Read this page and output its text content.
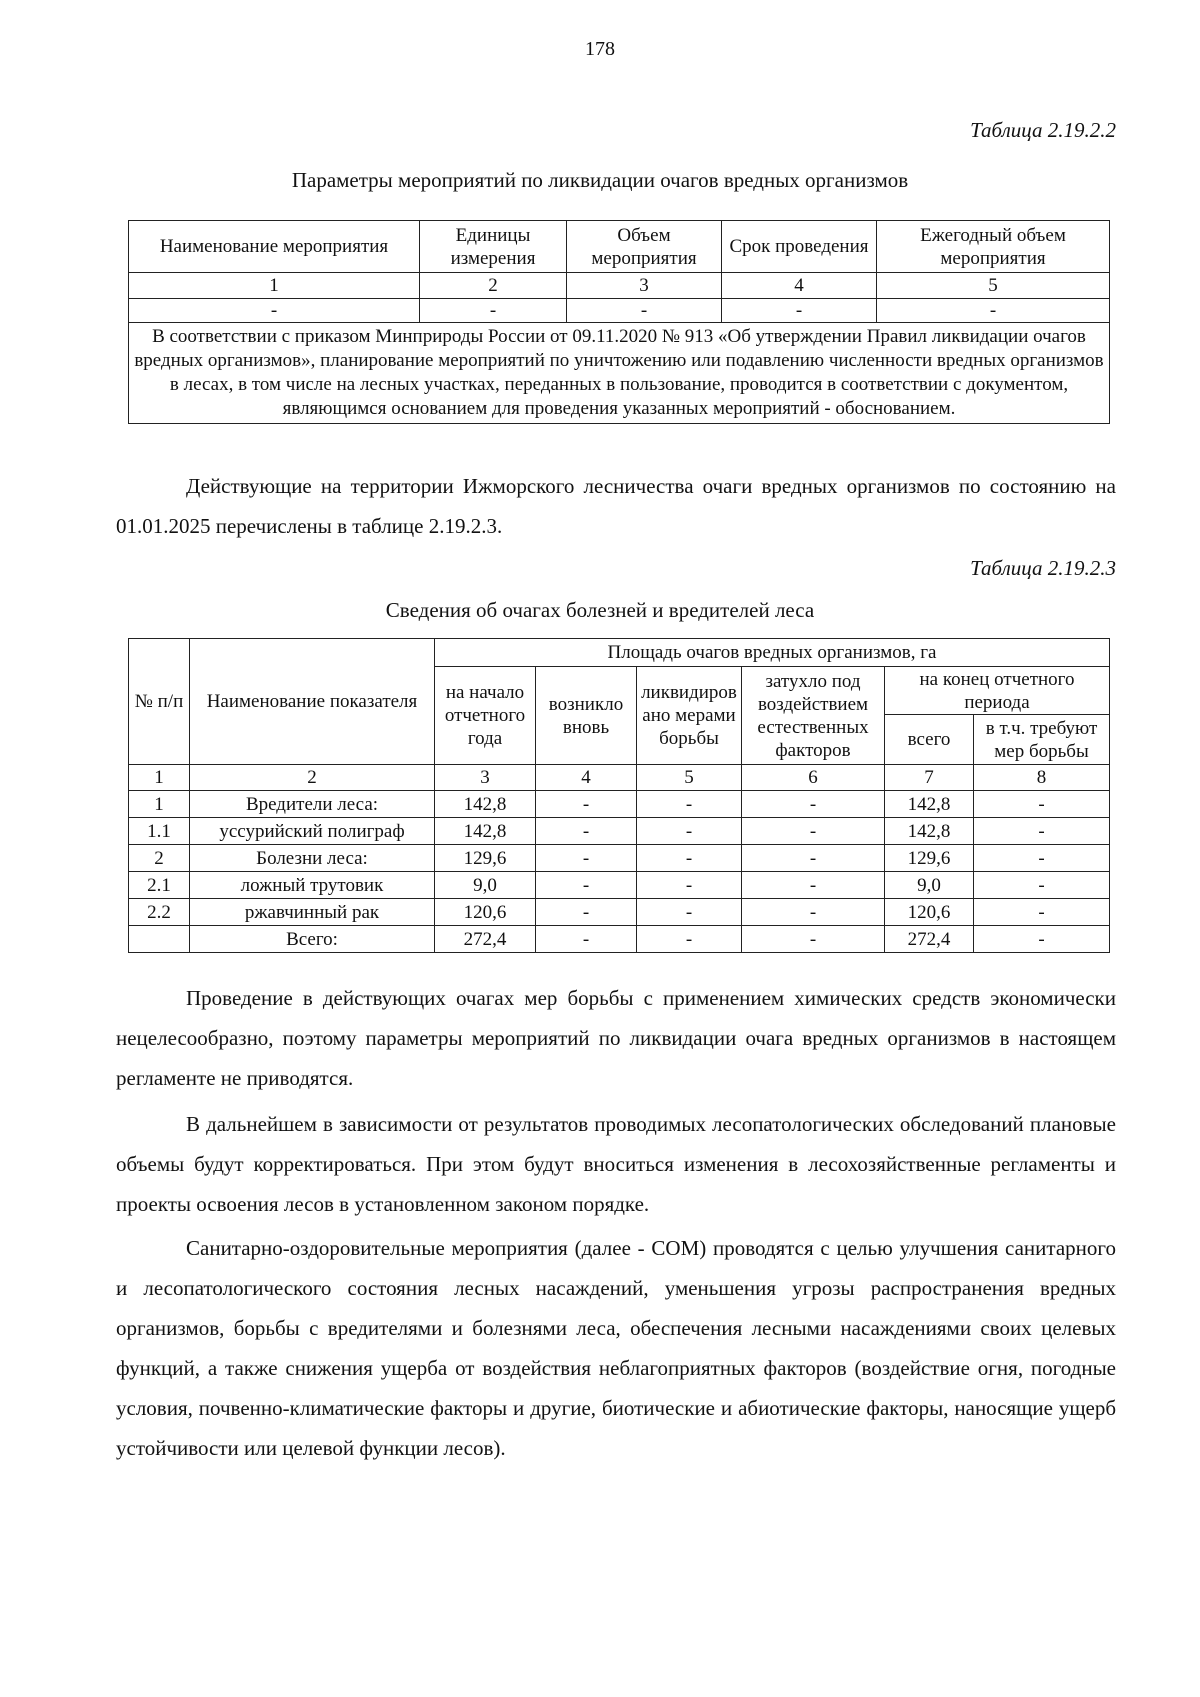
178
Таблица 2.19.2.2
Параметры мероприятий по ликвидации очагов вредных организмов
Наименование мероприятия	Единицы измерения	Объем мероприятия	Срок проведения	Ежегодный объем мероприятия
1	2	3	4	5
-	-	-	-	-
В соответствии с приказом Минприроды России от 09.11.2020 № 913 «Об утверждении Правил ликвидации очагов вредных организмов», планирование мероприятий по уничтожению или подавлению численности вредных организмов в лесах, в том числе на лесных участках, переданных в пользование, проводится в соответствии с документом, являющимся основанием для проведения указанных мероприятий - обоснованием.				
Действующие на территории Ижморского лесничества очаги вредных организмов по состоянию на 01.01.2025 перечислены в таблице 2.19.2.3.
Таблица 2.19.2.3
Сведения об очагах болезней и вредителей леса
№ п/п	Наименование показателя	Площадь очагов вредных организмов, га					
		на начало отчетного года	возникло вновь	ликвидировано мерами борьбы	затухло под воздействием естественных факторов	на конец отчетного периода	
						всего	в т.ч. требуют мер борьбы
1	2	3	4	5	6	7	8
1	Вредители леса:	142,8	-	-	-	142,8	-
1.1	уссурийский полиграф	142,8	-	-	-	142,8	-
2	Болезни леса:	129,6	-	-	-	129,6	-
2.1	ложный трутовик	9,0	-	-	-	9,0	-
2.2	ржавчинный рак	120,6	-	-	-	120,6	-
	Всего:	272,4	-	-	-	272,4	-
Проведение в действующих очагах мер борьбы с применением химических средств экономически нецелесообразно, поэтому параметры мероприятий по ликвидации очага вредных организмов в настоящем регламенте не приводятся.
В дальнейшем в зависимости от результатов проводимых лесопатологических обследований плановые объемы будут корректироваться. При этом будут вноситься изменения в лесохозяйственные регламенты и проекты освоения лесов в установленном законом порядке.
Санитарно-оздоровительные мероприятия (далее - СОМ) проводятся с целью улучшения санитарного и лесопатологического состояния лесных насаждений, уменьшения угрозы распространения вредных организмов, борьбы с вредителями и болезнями леса, обеспечения лесными насаждениями своих целевых функций, а также снижения ущерба от воздействия неблагоприятных факторов (воздействие огня, погодные условия, почвенно-климатические факторы и другие, биотические и абиотические факторы, наносящие ущерб устойчивости или целевой функции лесов).
